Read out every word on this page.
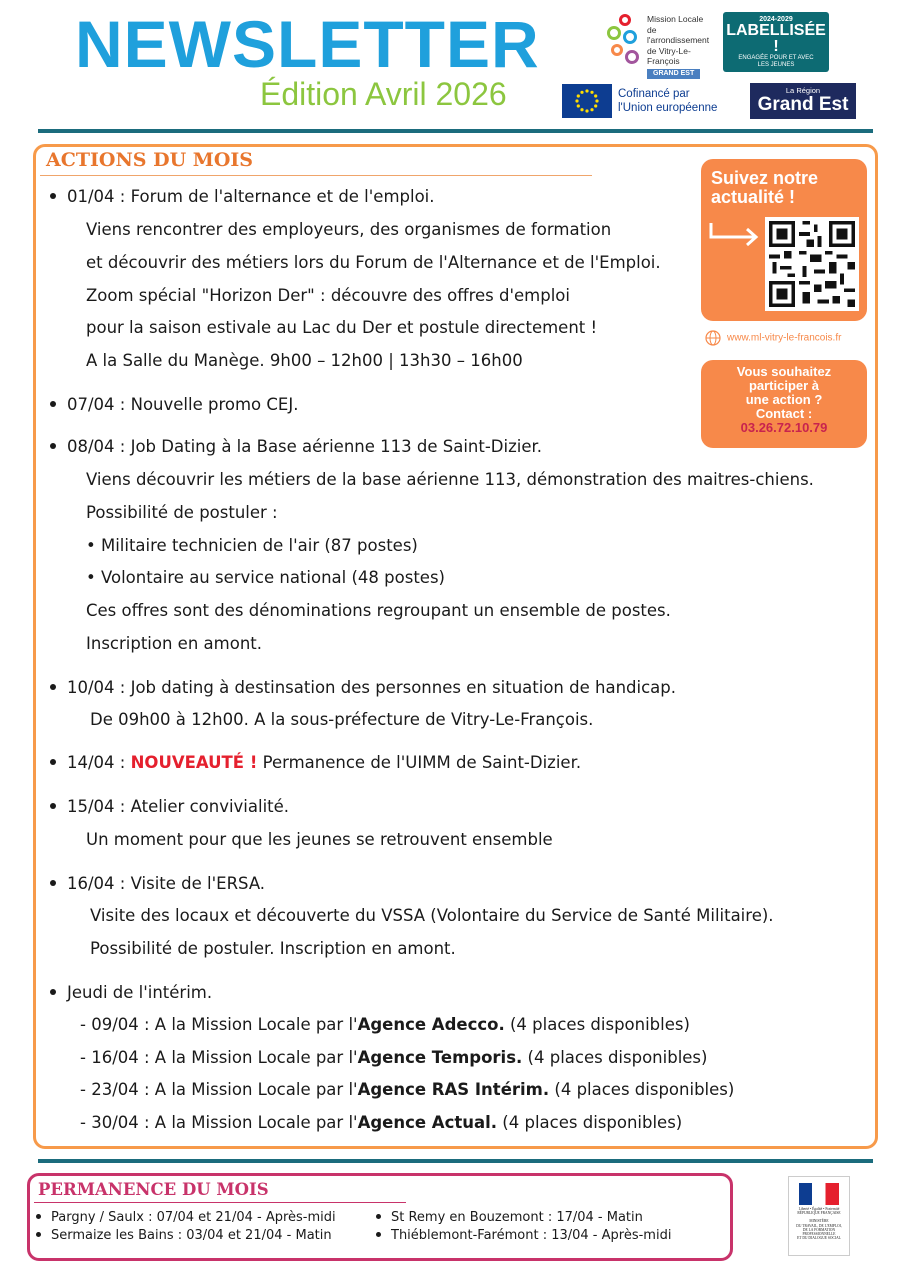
NEWSLETTER
Édition Avril 2026
Mission Locale
de l'arrondissement
de Vitry-Le-François
GRAND EST
2024-2029
LABELLISÉE !
ENGAGÉE POUR ET AVEC
LES JEUNES
Cofinancé par
l'Union européenne
La Région
Grand Est
ACTIONS DU MOIS
01/04 : Forum de l'alternance et de l'emploi.
Viens rencontrer des employeurs, des organismes de formation
et découvrir des métiers lors du Forum de l'Alternance et de l'Emploi.
Zoom spécial "Horizon Der" : découvre des offres d'emploi
pour la saison estivale au Lac du Der et postule directement !
A la Salle du Manège. 9h00 – 12h00 | 13h30 – 16h00
07/04 : Nouvelle promo CEJ.
08/04 : Job Dating à la Base aérienne 113 de Saint-Dizier.
Viens découvrir les métiers de la base aérienne 113, démonstration des maitres-chiens.
Possibilité de postuler :
• Militaire technicien de l'air (87 postes)
• Volontaire au service national (48 postes)
Ces offres sont des dénominations regroupant un ensemble de postes.
Inscription en amont.
10/04 : Job dating à destinsation des personnes en situation de handicap.
De 09h00 à 12h00. A la sous-préfecture de Vitry-Le-François.
14/04 : NOUVEAUTÉ ! Permanence de l'UIMM de Saint-Dizier.
15/04 : Atelier convivialité.
Un moment pour que les jeunes se retrouvent ensemble
16/04 : Visite de l'ERSA.
Visite des locaux et découverte du VSSA (Volontaire du Service de Santé Militaire).
Possibilité de postuler. Inscription en amont.
Jeudi de l'intérim.
- 09/04 : A la Mission Locale par l'Agence Adecco. (4 places disponibles)
- 16/04 : A la Mission Locale par l'Agence Temporis. (4 places disponibles)
- 23/04 : A la Mission Locale par l'Agence RAS Intérim. (4 places disponibles)
- 30/04 : A la Mission Locale par l'Agence Actual. (4 places disponibles)
Suivez notre
actualité !
www.ml-vitry-le-francois.fr
Vous souhaitez
participer à
une action ?
Contact :
03.26.72.10.79
PERMANENCE DU MOIS
Pargny / Saulx : 07/04 et 21/04 - Après-midi
Sermaize les Bains : 03/04 et 21/04 - Matin
St Remy en Bouzemont : 17/04 - Matin
Thiéblemont-Farémont : 13/04 - Après-midi
Liberté • Égalité • Fraternité
RÉPUBLIQUE FRANÇAISE
MINISTÈRE
DU TRAVAIL, DE L'EMPLOI,
DE LA FORMATION
PROFESSIONNELLE
ET DU DIALOGUE SOCIAL
